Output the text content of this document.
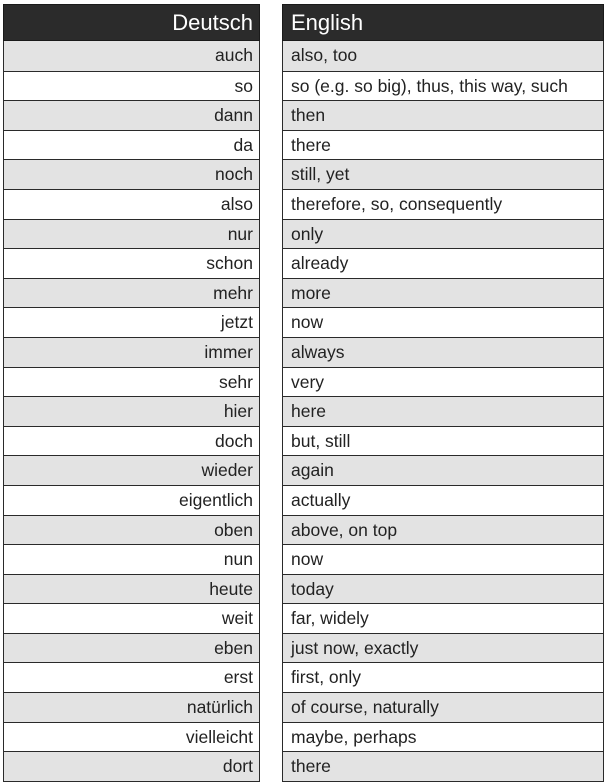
Deutsch
auch
so
dann
da
noch
also
nur
schon
mehr
jetzt
immer
sehr
hier
doch
wieder
eigentlich
oben
nun
heute
weit
eben
erst
natürlich
vielleicht
dort
English
also, too
so (e.g. so big), thus, this way, such
then
there
still, yet
therefore, so, consequently
only
already
more
now
always
very
here
but, still
again
actually
above, on top
now
today
far, widely
just now, exactly
first, only
of course, naturally
maybe, perhaps
there
